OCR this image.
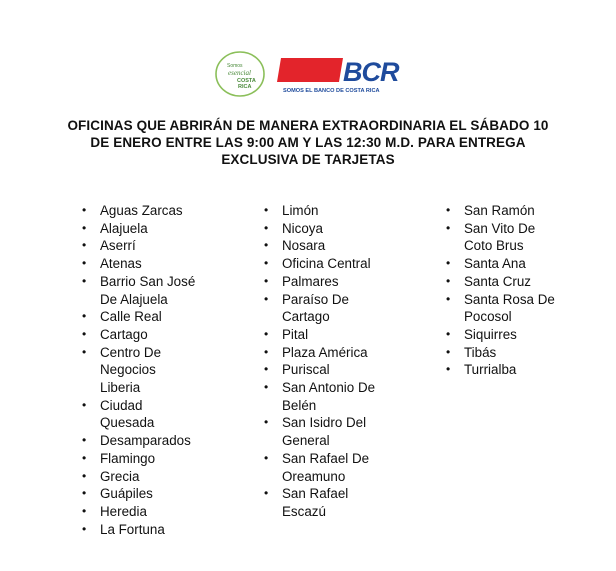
Somos
esencial
COSTA
RICA	BCR
SOMOS EL BANCO DE COSTA RICA
OFICINAS QUE ABRIRÁN DE MANERA EXTRAORDINARIA EL SÁBADO 10
DE ENERO ENTRE LAS 9:00 AM Y LAS 12:30 M.D. PARA ENTREGA
EXCLUSIVA DE TARJETAS
• Aguas Zarcas
• Alajuela
• Aserrí
• Atenas
• Barrio San José
De Alajuela
• Calle Real
• Cartago
• Centro De
Negocios
Liberia
• Ciudad
Quesada
• Desamparados
• Flamingo
• Grecia
• Guápiles
• Heredia
• La Fortuna
• Limón
• Nicoya
• Nosara
• Oficina Central
• Palmares
• Paraíso De
Cartago
• Pital
• Plaza América
• Puriscal
• San Antonio De
Belén
• San Isidro Del
General
• San Rafael De
Oreamuno
• San Rafael
Escazú
• San Ramón
• San Vito De
Coto Brus
• Santa Ana
• Santa Cruz
• Santa Rosa De
Pocosol
• Siquirres
• Tibás
• Turrialba
